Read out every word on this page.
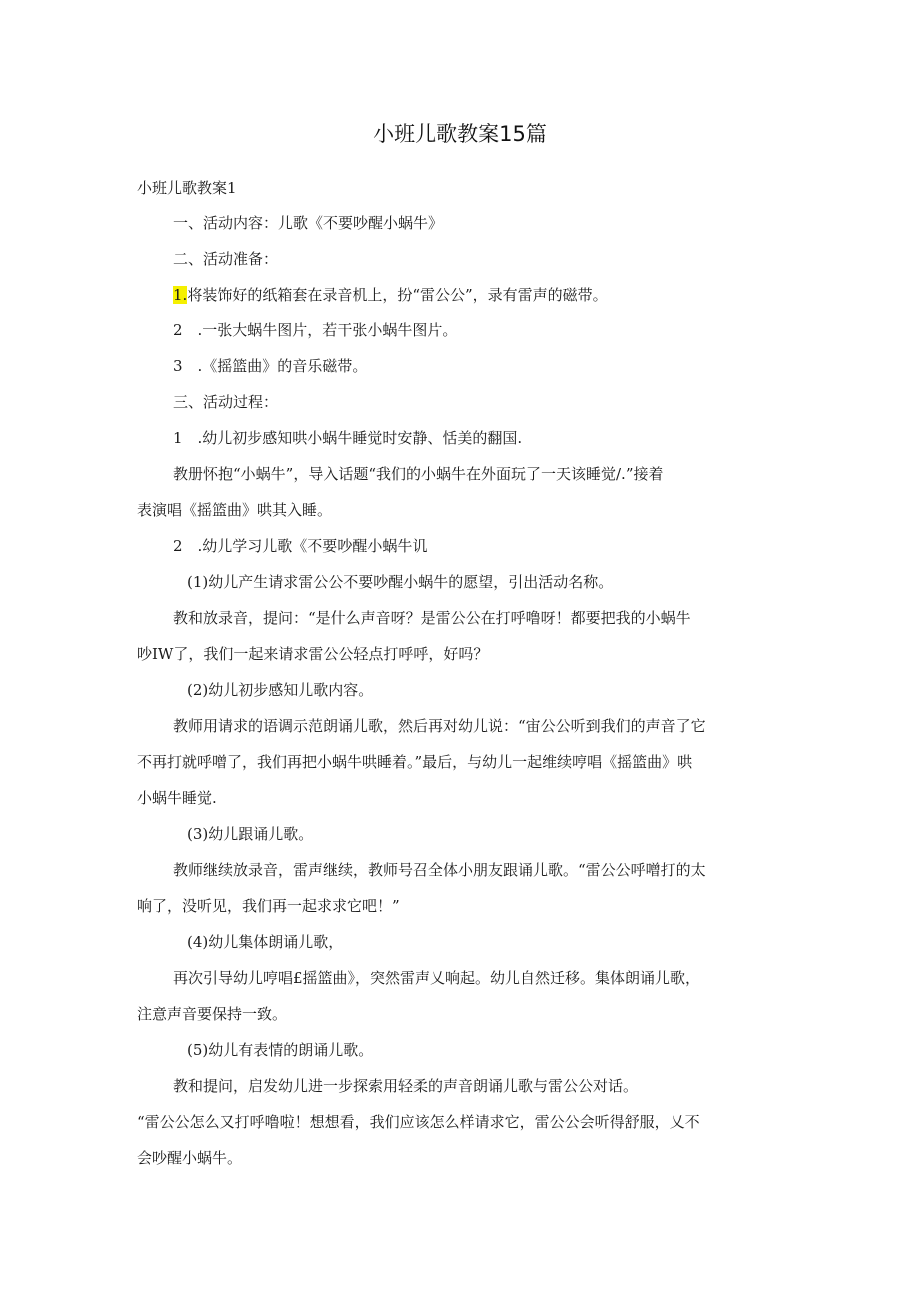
小班儿歌教案15篇
小班儿歌教案1
一、活动内容：儿歌《不要吵醒小蜗牛》
二、活动准备：
1.将装饰好的纸箱套在录音机上，扮“雷公公”，录有雷声的磁带。
2　.一张大蜗牛图片，若干张小蜗牛图片。
3　.《摇篮曲》的音乐磁带。
三、活动过程：
1　.幼儿初步感知哄小蜗牛睡觉时安静、恬美的翻国.
教册怀抱“小蜗牛”，导入话题“我们的小蜗牛在外面玩了一天该睡觉/.”接着
表演唱《摇篮曲》哄其入睡。
2　.幼儿学习儿歌《不要吵醒小蜗牛讥
(1)幼儿产生请求雷公公不要吵醒小蜗牛的愿望，引出活动名称。
教和放录音，提问：“是什么声音呀？是雷公公在打呼噜呀！都要把我的小蜗牛
吵IW了，我们一起来请求雷公公轻点打呼呼，好吗？
(2)幼儿初步感知儿歌内容。
教师用请求的语调示范朗诵儿歌，然后再对幼儿说：“宙公公听到我们的声音了它
不再打就呼噌了，我们再把小蜗牛哄睡着。”最后，与幼儿一起维续哼唱《摇篮曲》哄
小蜗牛睡觉.
(3)幼儿跟诵儿歌。
教师继续放录音，雷声继续，教师号召全体小朋友跟诵儿歌。“雷公公呼噌打的太
响了，没听见，我们再一起求求它吧！”
(4)幼儿集体朗诵儿歌，
再次引导幼儿哼唱£摇篮曲》，突然雷声乂响起。幼儿自然迁移。集体朗诵儿歌，
注意声音要保持一致。
(5)幼儿有表情的朗诵儿歌。
教和提问，启发幼儿进一步探索用轻柔的声音朗诵儿歌与雷公公对话。
“雷公公怎么又打呼噜啦！想想看，我们应该怎么样请求它，雷公公会听得舒服，乂不
会吵醒小蜗牛。
